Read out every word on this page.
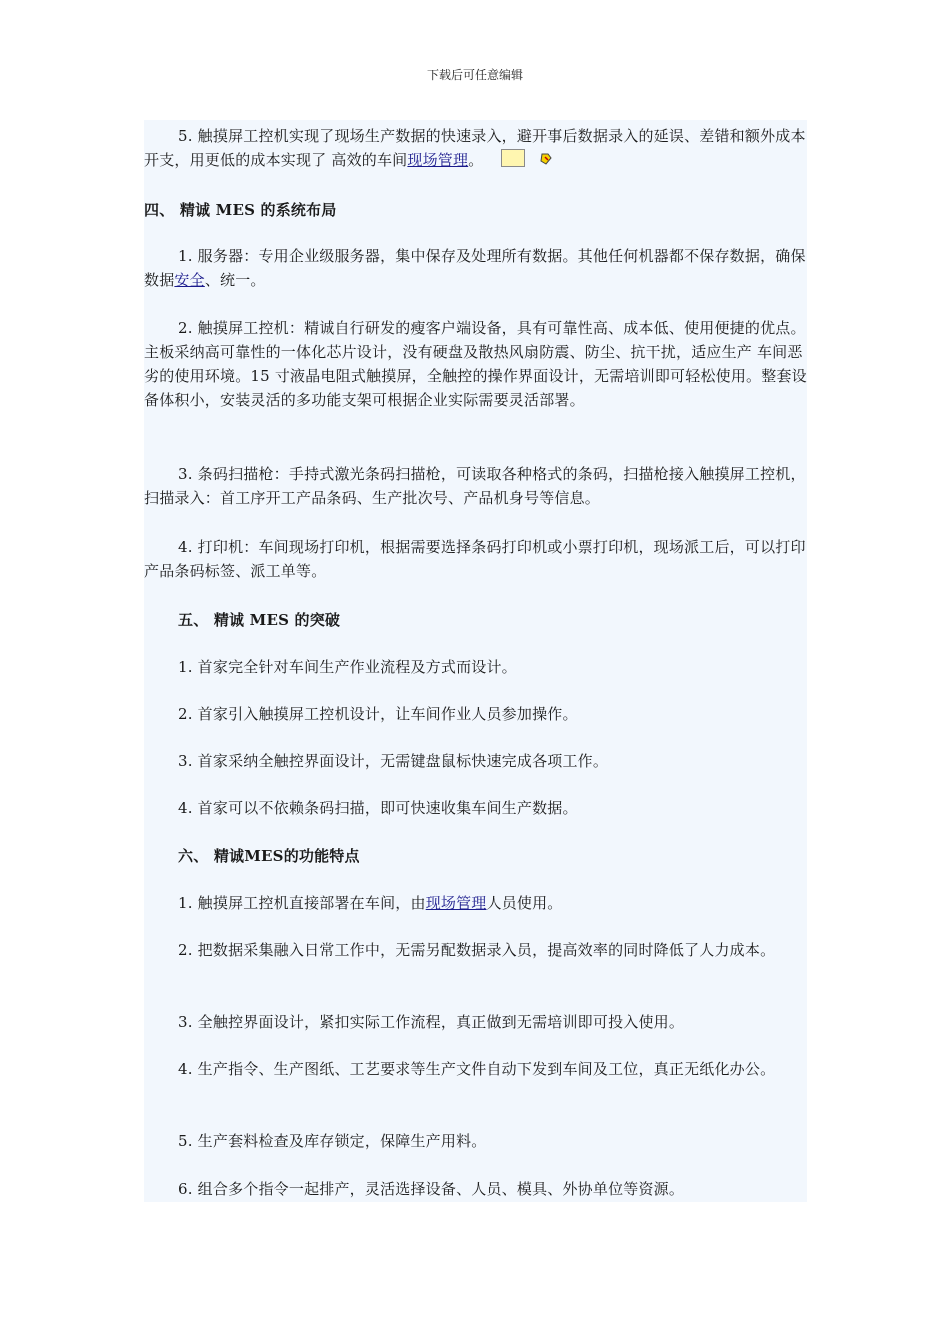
下载后可任意编辑
5. 触摸屏工控机实现了现场生产数据的快速录入，避开事后数据录入的延误、差错和额外成本开支，用更低的成本实现了 高效的车间现场管理。
四、 精诚 MES 的系统布局
1. 服务器：专用企业级服务器，集中保存及处理所有数据。其他任何机器都不保存数据，确保数据安全、统一。
2. 触摸屏工控机：精诚自行研发的瘦客户端设备，具有可靠性高、成本低、使用便捷的优点。主板采纳高可靠性的一体化芯片设计，没有硬盘及散热风扇防震、防尘、抗干扰，适应生产 车间恶劣的使用环境。15 寸液晶电阻式触摸屏，全触控的操作界面设计，无需培训即可轻松使用。整套设备体积小，安装灵活的多功能支架可根据企业实际需要灵活部署。
3. 条码扫描枪：手持式激光条码扫描枪，可读取各种格式的条码，扫描枪接入触摸屏工控机，扫描录入：首工序开工产品条码、生产批次号、产品机身号等信息。
4. 打印机：车间现场打印机，根据需要选择条码打印机或小票打印机，现场派工后，可以打印产品条码标签、派工单等。
五、 精诚 MES 的突破
1. 首家完全针对车间生产作业流程及方式而设计。
2. 首家引入触摸屏工控机设计，让车间作业人员参加操作。
3. 首家采纳全触控界面设计，无需键盘鼠标快速完成各项工作。
4. 首家可以不依赖条码扫描，即可快速收集车间生产数据。
六、 精诚MES的功能特点
1. 触摸屏工控机直接部署在车间，由现场管理人员使用。
2. 把数据采集融入日常工作中，无需另配数据录入员，提高效率的同时降低了人力成本。
3. 全触控界面设计，紧扣实际工作流程，真正做到无需培训即可投入使用。
4. 生产指令、生产图纸、工艺要求等生产文件自动下发到车间及工位，真正无纸化办公。
5. 生产套料检查及库存锁定，保障生产用料。
6. 组合多个指令一起排产，灵活选择设备、人员、模具、外协单位等资源。
